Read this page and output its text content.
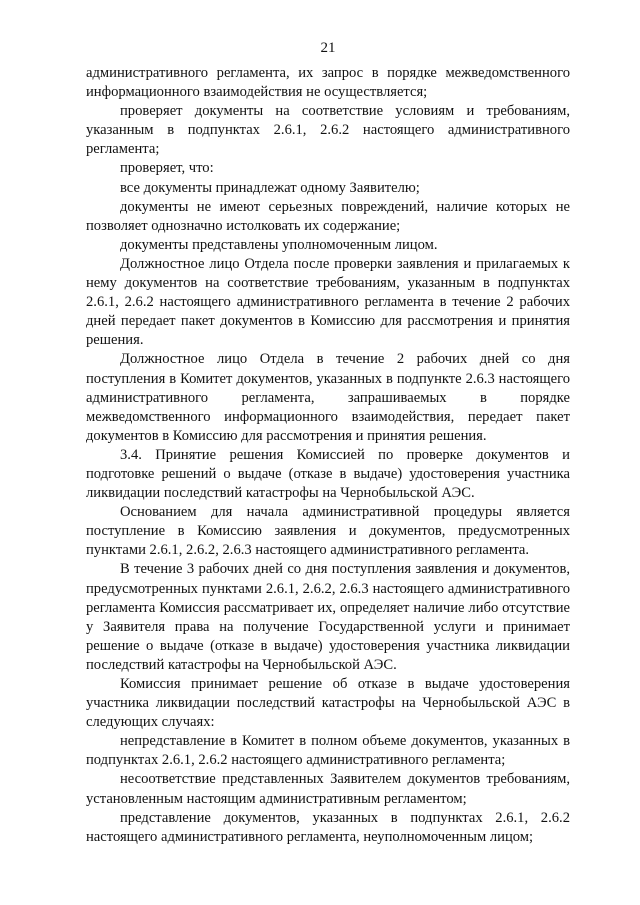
21

административного регламента, их запрос в порядке межведомственного информационного взаимодействия не осуществляется;

проверяет документы на соответствие условиям и требованиям, указанным в подпунктах 2.6.1, 2.6.2 настоящего административного регламента;

проверяет, что:

все документы принадлежат одному Заявителю;

документы не имеют серьезных повреждений, наличие которых не позволяет однозначно истолковать их содержание;

документы представлены уполномоченным лицом.

Должностное лицо Отдела после проверки заявления и прилагаемых к нему документов на соответствие требованиям, указанным в подпунктах 2.6.1, 2.6.2 настоящего административного регламента в течение 2 рабочих дней передает пакет документов в Комиссию для рассмотрения и принятия решения.

Должностное лицо Отдела в течение 2 рабочих дней со дня поступления в Комитет документов, указанных в подпункте 2.6.3 настоящего административного регламента, запрашиваемых в порядке межведомственного информационного взаимодействия, передает пакет документов в Комиссию для рассмотрения и принятия решения.

3.4. Принятие решения Комиссией по проверке документов и подготовке решений о выдаче (отказе в выдаче) удостоверения участника ликвидации последствий катастрофы на Чернобыльской АЭС.

Основанием для начала административной процедуры является поступление в Комиссию заявления и документов, предусмотренных пунктами 2.6.1, 2.6.2, 2.6.3 настоящего административного регламента.

В течение 3 рабочих дней со дня поступления заявления и документов, предусмотренных пунктами 2.6.1, 2.6.2, 2.6.3 настоящего административного регламента Комиссия рассматривает их, определяет наличие либо отсутствие у Заявителя права на получение Государственной услуги и принимает решение о выдаче (отказе в выдаче) удостоверения участника ликвидации последствий катастрофы на Чернобыльской АЭС.

Комиссия принимает решение об отказе в выдаче удостоверения участника ликвидации последствий катастрофы на Чернобыльской АЭС в следующих случаях:

непредставление в Комитет в полном объеме документов, указанных в подпунктах 2.6.1, 2.6.2 настоящего административного регламента;

несоответствие представленных Заявителем документов требованиям, установленным настоящим административным регламентом;

представление документов, указанных в подпунктах 2.6.1, 2.6.2 настоящего административного регламента, неуполномоченным лицом;
